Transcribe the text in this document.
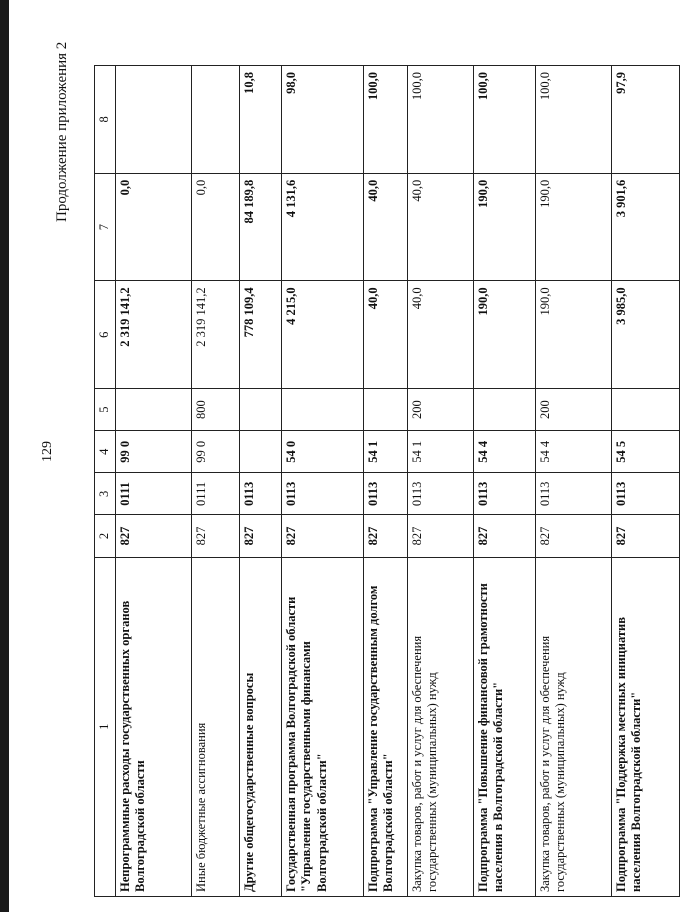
129
Продолжение приложения 2
1	2	3	4	5	6	7	8
Непрограммные расходы государственных органов Волгоградской области	827	0111	99 0		2 319 141,2	0,0	
Иные бюджетные ассигнования	827	0111	99 0	800	2 319 141,2	0,0	
Другие общегосударственные вопросы	827	0113			778 109,4	84 189,8	10,8
Государственная программа Волгоградской области "Управление государственными финансами Волгоградской области"	827	0113	54 0		4 215,0	4 131,6	98,0
Подпрограмма "Управление государственным долгом Волгоградской области"	827	0113	54 1		40,0	40,0	100,0
Закупка товаров, работ и услуг для обеспечения государственных (муниципальных) нужд	827	0113	54 1	200	40,0	40,0	100,0
Подпрограмма "Повышение финансовой грамотности населения в Волгоградской области"	827	0113	54 4		190,0	190,0	100,0
Закупка товаров, работ и услуг для обеспечения государственных (муниципальных) нужд	827	0113	54 4	200	190,0	190,0	100,0
Подпрограмма "Поддержка местных инициатив населения Волгоградской области"	827	0113	54 5		3 985,0	3 901,6	97,9
